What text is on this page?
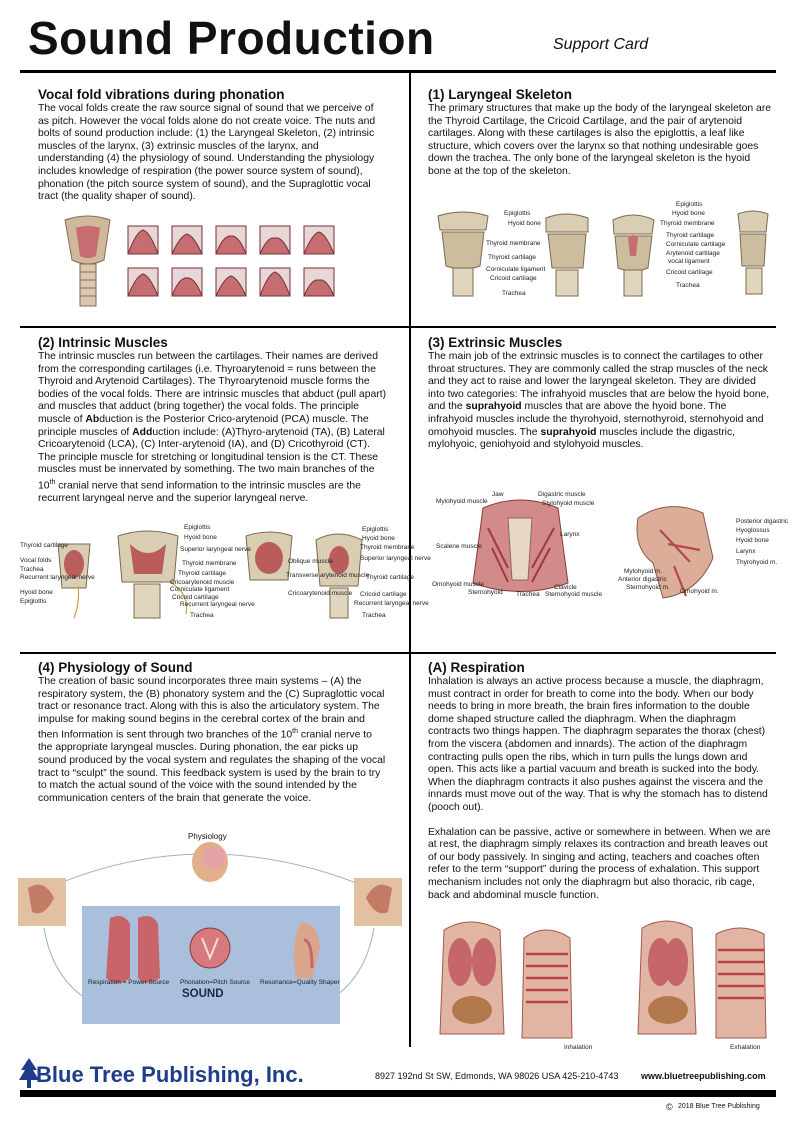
Sound Production	Support Card
Vocal fold vibrations during phonation
The vocal folds create the raw source signal of sound that we perceive of as pitch. However the vocal folds alone do not create voice. The nuts and bolts of sound production include: (1) the Laryngeal Skeleton, (2) intrinsic muscles of the larynx, (3) extrinsic muscles of the larynx, and understanding (4) the physiology of sound. Understanding the physiology includes knowledge of respiration (the power source system of sound), phonation (the pitch source system of sound), and the Supraglottic vocal tract (the quality shaper of sound).
(1) Laryngeal Skeleton
The primary structures that make up the body of the laryngeal skeleton are the Thyroid Cartilage, the Cricoid Cartilage, and the pair of arytenoid cartilages. Along with these cartilages is also the epiglottis, a leaf like structure, which covers over the larynx so that nothing undesirable goes down the trachea. The only bone of the laryngeal skeleton is the hyoid bone at the top of the skeleton.
Epiglottis
Hyoid bone
Thyroid membrane
Thyroid cartilage
Corniculate ligament
Cricoid cartilage
Trachea
Epiglottis
Hyoid bone
Thyroid membrane
Thyroid cartilage
Corniculate cartilage
Arytenoid cartilage
vocal ligament
Cricoid cartilage
Trachea
(2) Intrinsic Muscles
The intrinsic muscles run between the cartilages. Their names are derived from the corresponding cartilages (i.e. Thyroarytenoid = runs between the Thyroid and Arytenoid Cartilages). The Thyroarytenoid muscle forms the bodies of the vocal folds. There are intrinsic muscles that abduct (pull apart) and muscles that adduct (bring together) the vocal folds. The principle muscle of Abduction is the Posterior Crico-arytenoid (PCA) muscle. The principle muscles of Adduction include: (A)Thyro-arytenoid (TA), (B) Lateral Cricoarytenoid (LCA), (C) Inter-arytenoid (IA), and (D) Cricothyroid (CT). The principle muscle for stretching or longitudinal tension is the CT. These muscles must be innervated by something. The two main branches of the 10th cranial nerve that send information to the intrinsic muscles are the recurrent laryngeal nerve and the superior laryngeal nerve.
Thyroid cartilage
Vocal folds
Trachea
Recurrent laryngeal nerve
Hyoid bone
Epiglottis
Epiglottis
Hyoid bone
Superior laryngeal nerve
Thyroid membrane
Thyroid cartilage
Cricoarytenoid muscle
Corniculate ligament
Cricoid cartilage
Recurrent laryngeal nerve
Trachea
Oblique muscle
Transverse arytenoid muscle
Cricoarytenoid muscle
Epiglottis
Hyoid bone
Thyroid membrane
Superior laryngeal nerve
Thyroid cartilage
Cricoid cartilage
Recurrent laryngeal nerve
Trachea
(3) Extrinsic Muscles
The main job of the extrinsic muscles is to connect the cartilages to other throat structures. They are commonly called the strap muscles of the neck and they act to raise and lower the laryngeal skeleton. They are divided into two categories: The infrahyoid muscles that are below the hyoid bone, and the suprahyoid muscles that are above the hyoid bone. The infrahyoid muscles include the thyrohyoid, sternothyroid, sternohyoid and omohyoid muscles. The suprahyoid muscles include the digastric, mylohyoic, geniohyoid and stylohyoid muscles.
Jaw	Digastric muscle
Mylohyoid muscle	Stylohyoid muscle
Larynx
Scalene muscle
Omohyoid muscle
Sternohyoid Trachea
Clavicle
Sternohyoid muscle
Posterior digastric
Hyoglossus
Hyoid bone
Larynx
Thyrohyoid m.
Mylohyoid m.
Anterior digastric
Sternohyoid m.
Omohyoid m.
(4) Physiology of Sound
The creation of basic sound incorporates three main systems – (A) the respiratory system, the (B) phonatory system and the (C) Supraglottic vocal tract or resonance tract. Along with this is also the articulatory system. The impulse for making sound begins in the cerebral cortex of the brain and then Information is sent through two branches of the 10th cranial nerve to the appropriate laryngeal muscles. During phonation, the ear picks up sound produced by the vocal system and regulates the shaping of the vocal tract to “sculpt” the sound. This feedback system is used by the brain to try to match the actual sound of the voice with the sound intended by the communication centers of the brain that generate the voice.
Physiology
Respiration = Power Source Phonation=Pitch Source Resonance=Quality Shaper
SOUND
(A) Respiration
Inhalation is always an active process because a muscle, the diaphragm, must contract in order for breath to come into the body. When our body needs to bring in more breath, the brain fires information to the double dome shaped structure called the diaphragm. When the diaphragm contracts two things happen. The diaphragm separates the thorax (chest) from the viscera (abdomen and innards). The action of the diaphragm contracting pulls open the ribs, which in turn pulls the lungs down and open. This acts like a partial vacuum and breath is sucked into the body. When the diaphragm contracts it also pushes against the viscera and the innards must move out of the way. That is why the stomach has to distend (pooch out).
Exhalation can be passive, active or somewhere in between. When we are at rest, the diaphragm simply relaxes its contraction and breath leaves out of our body passively. In singing and acting, teachers and coaches often refer to the term “support” during the process of exhalation. This support mechanism includes not only the diaphragm but also thoracic, rib cage, back and abdominal muscle function.
Inhalation	Exhalation
Blue Tree Publishing, Inc.	8927 192nd St SW, Edmonds, WA 98026 USA 425-210-4743	www.bluetreepublishing.com
© 2018 Blue Tree Publishing
